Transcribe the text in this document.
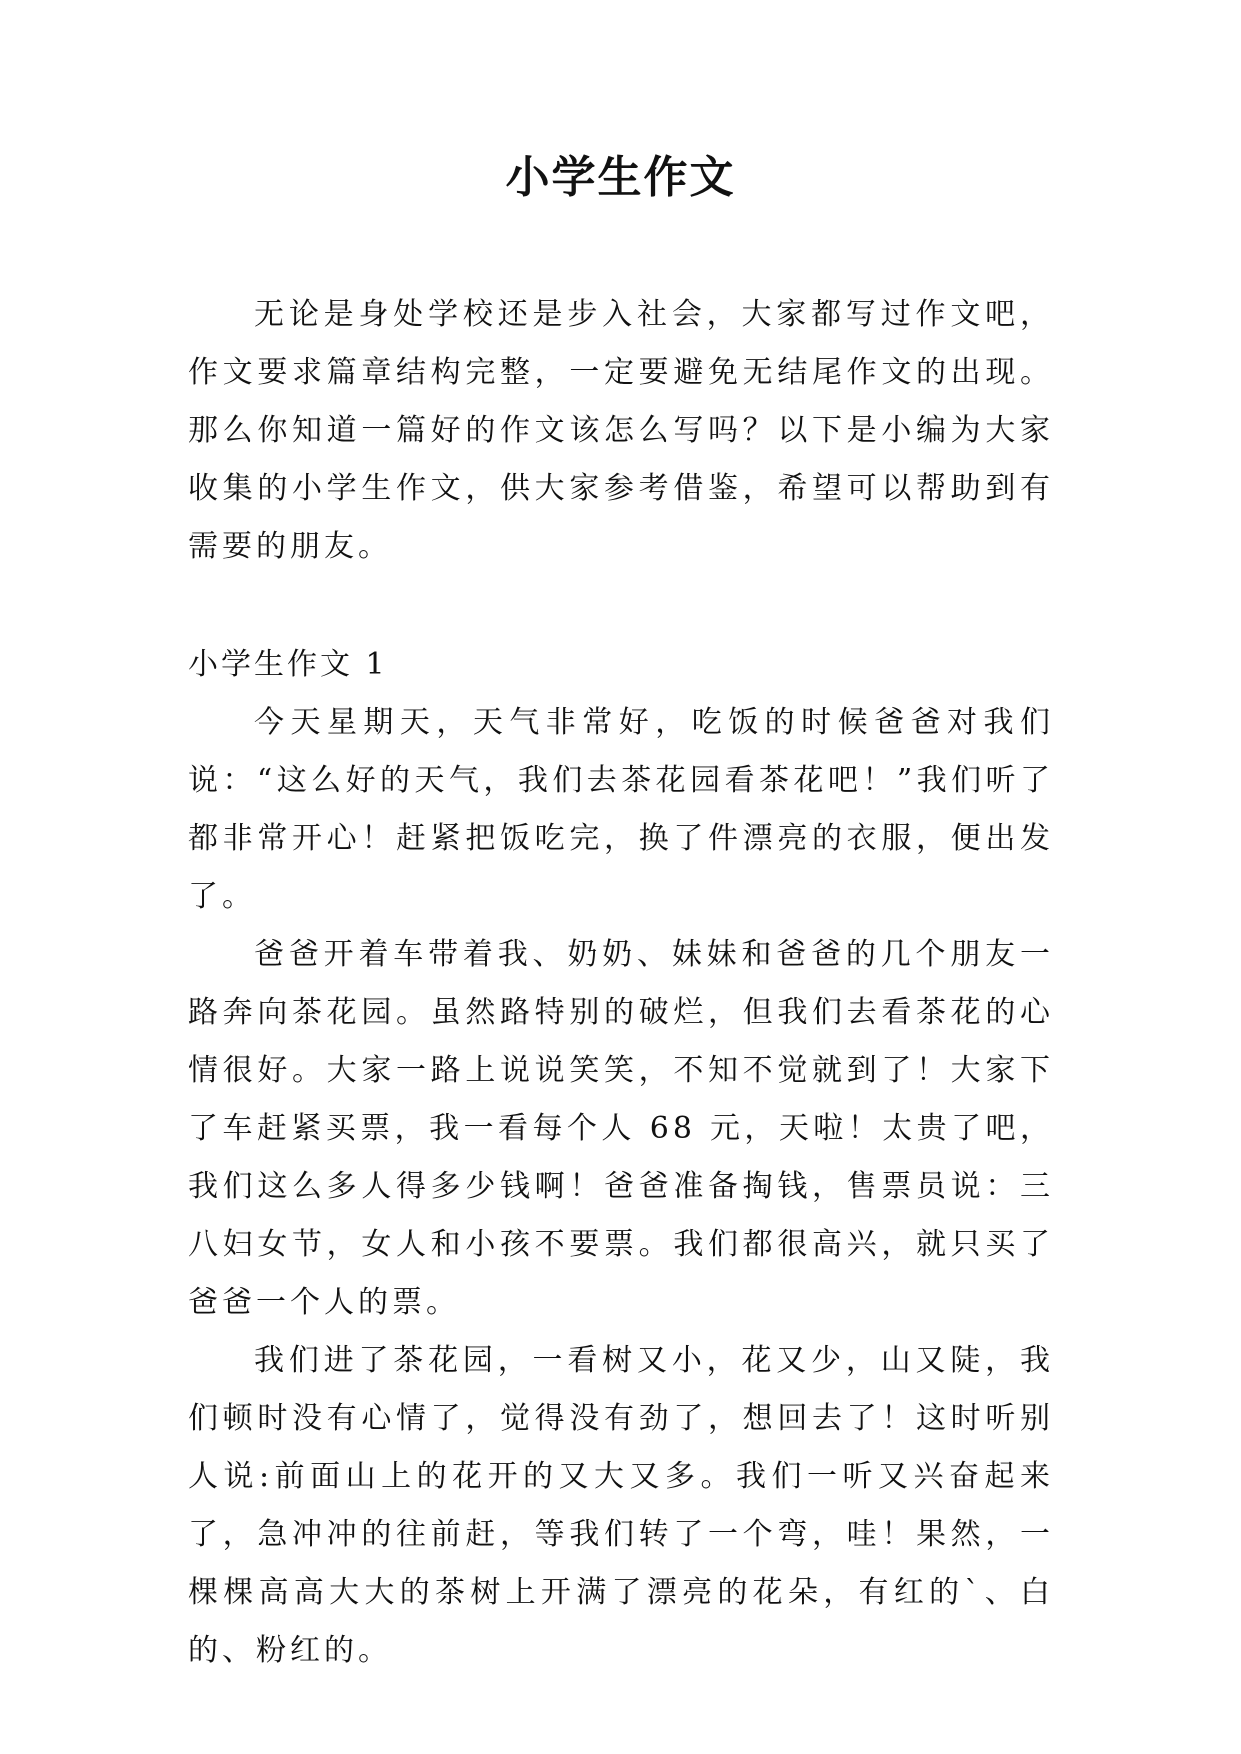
小学生作文
无论是身处学校还是步入社会，大家都写过作文吧，作文要求篇章结构完整，一定要避免无结尾作文的出现。那么你知道一篇好的作文该怎么写吗？以下是小编为大家收集的小学生作文，供大家参考借鉴，希望可以帮助到有需要的朋友。
小学生作文 1

今天星期天，天气非常好，吃饭的时候爸爸对我们说：“这么好的天气，我们去茶花园看茶花吧！”我们听了都非常开心！赶紧把饭吃完，换了件漂亮的衣服，便出发了。

爸爸开着车带着我、奶奶、妹妹和爸爸的几个朋友一路奔向茶花园。虽然路特别的破烂，但我们去看茶花的心情很好。大家一路上说说笑笑，不知不觉就到了！大家下了车赶紧买票，我一看每个人 68 元，天啦！太贵了吧，我们这么多人得多少钱啊！爸爸准备掏钱，售票员说：三八妇女节，女人和小孩不要票。我们都很高兴，就只买了爸爸一个人的票。

我们进了茶花园，一看树又小，花又少，山又陡，我们顿时没有心情了，觉得没有劲了，想回去了！这时听别人说:前面山上的花开的又大又多。我们一听又兴奋起来了，急冲冲的往前赶，等我们转了一个弯，哇！果然，一棵棵高高大大的茶树上开满了漂亮的花朵，有红的`、白的、粉红的。
